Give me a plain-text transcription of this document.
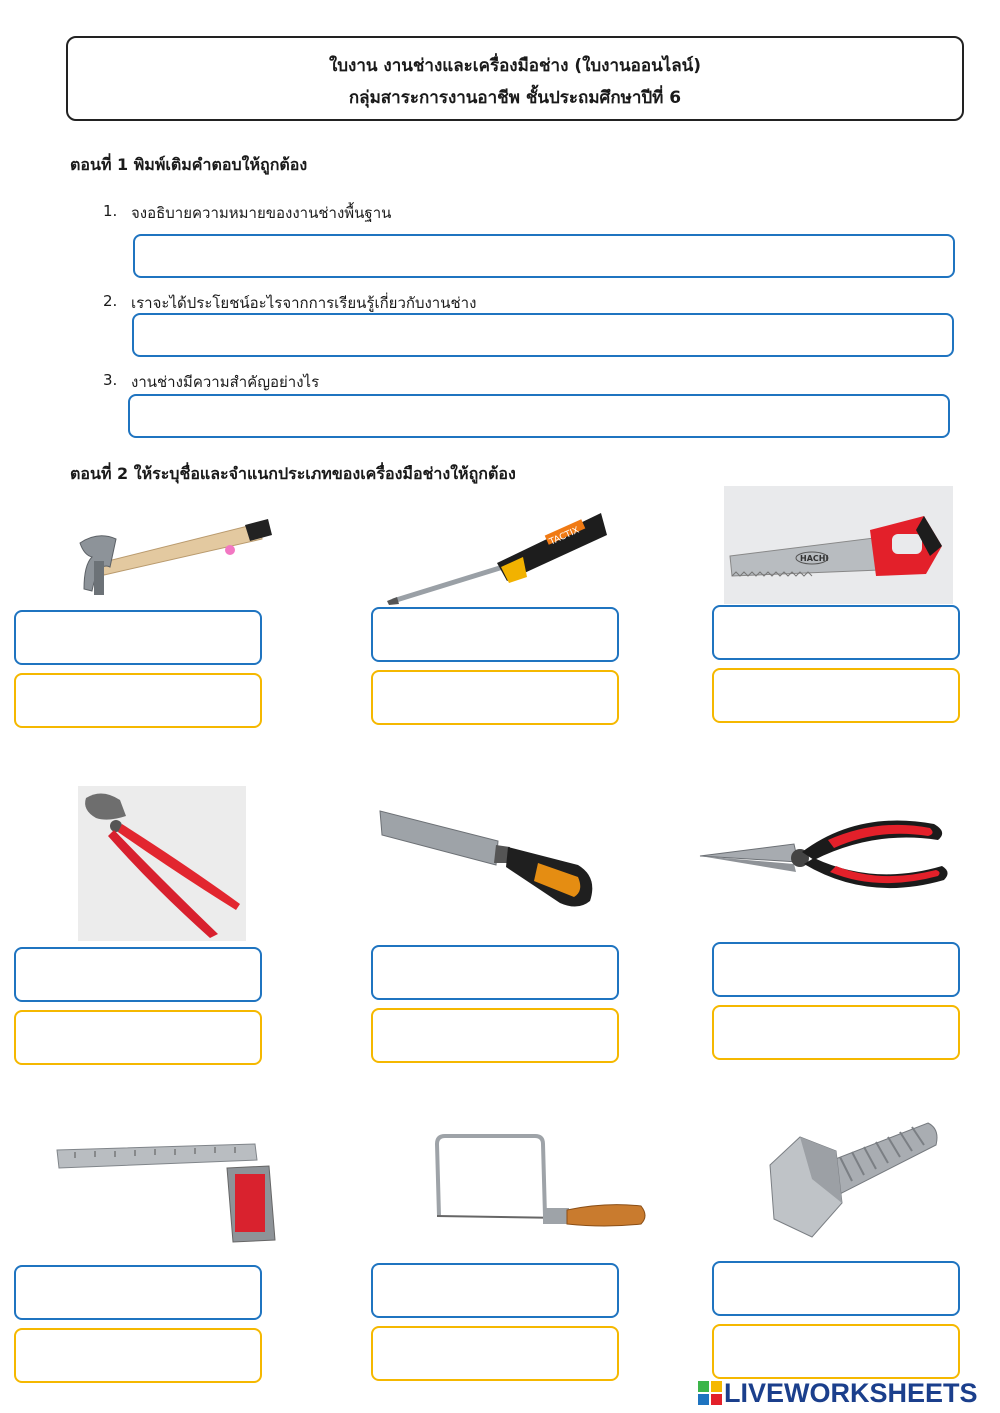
ใบงาน งานช่างและเครื่องมือช่าง (ใบงานออนไลน์)
กลุ่มสาระการงานอาชีพ ชั้นประถมศึกษาปีที่ 6
ตอนที่ 1 พิมพ์เติมคำตอบให้ถูกต้อง
1. จงอธิบายความหมายของงานช่างพื้นฐาน
2. เราจะได้ประโยชน์อะไรจากการเรียนรู้เกี่ยวกับงานช่าง
3. งานช่างมีความสำคัญอย่างไร
ตอนที่ 2 ให้ระบุชื่อและจำแนกประเภทของเครื่องมือช่างให้ถูกต้อง
TACTIX
HACHI
LIVEWORKSHEETS
